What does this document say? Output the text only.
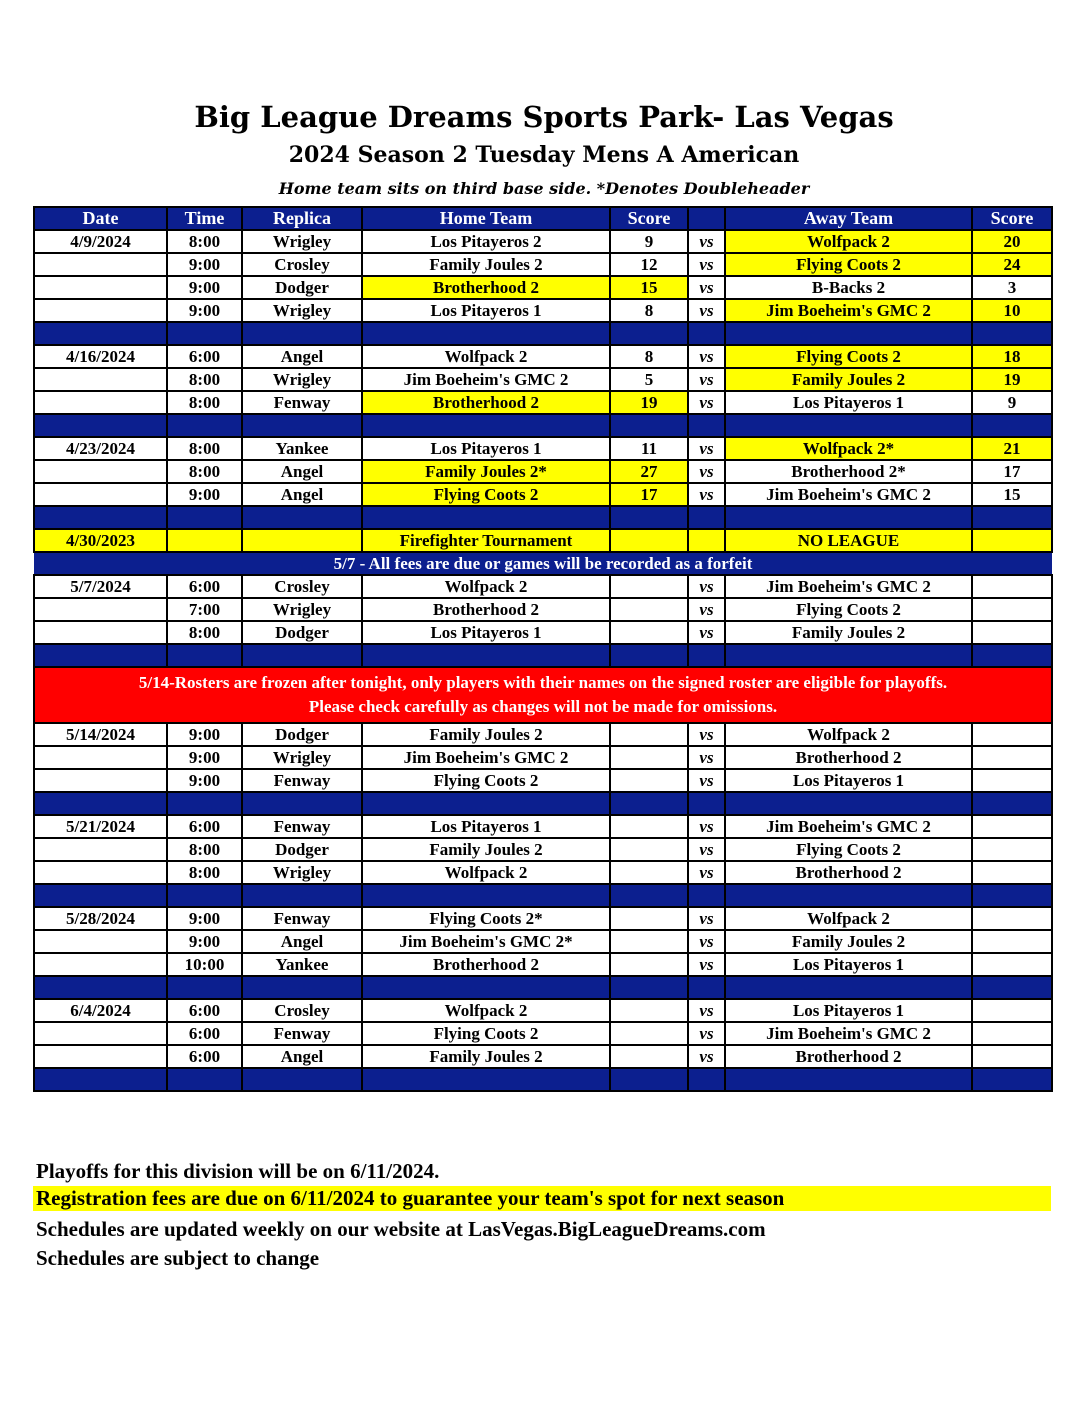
Big League Dreams Sports Park- Las Vegas
2024 Season 2 Tuesday Mens A American
Home team sits on third base side. *Denotes Doubleheader
Date	Time	Replica	Home Team	Score		Away Team	Score
4/9/2024	8:00	Wrigley	Los Pitayeros 2	9	vs	Wolfpack 2	20
	9:00	Crosley	Family Joules 2	12	vs	Flying Coots 2	24
	9:00	Dodger	Brotherhood 2	15	vs	B-Backs 2	3
	9:00	Wrigley	Los Pitayeros 1	8	vs	Jim Boeheim's GMC 2	10

4/16/2024	6:00	Angel	Wolfpack 2	8	vs	Flying Coots 2	18
	8:00	Wrigley	Jim Boeheim's GMC 2	5	vs	Family Joules 2	19
	8:00	Fenway	Brotherhood 2	19	vs	Los Pitayeros 1	9

4/23/2024	8:00	Yankee	Los Pitayeros 1	11	vs	Wolfpack 2*	21
	8:00	Angel	Family Joules 2*	27	vs	Brotherhood 2*	17
	9:00	Angel	Flying Coots 2	17	vs	Jim Boeheim's GMC 2	15

4/30/2023			Firefighter Tournament			NO LEAGUE	
5/7 - All fees are due or games will be recorded as a forfeit							
5/7/2024	6:00	Crosley	Wolfpack 2		vs	Jim Boeheim's GMC 2	
	7:00	Wrigley	Brotherhood 2		vs	Flying Coots 2	
	8:00	Dodger	Los Pitayeros 1		vs	Family Joules 2	

5/14-Rosters are frozen after tonight, only players with their names on the signed roster are eligible for playoffs.
Please check carefully as changes will not be made for omissions.							

5/14/2024	9:00	Dodger	Family Joules 2		vs	Wolfpack 2	
	9:00	Wrigley	Jim Boeheim's GMC 2		vs	Brotherhood 2	
	9:00	Fenway	Flying Coots 2		vs	Los Pitayeros 1	

5/21/2024	6:00	Fenway	Los Pitayeros 1		vs	Jim Boeheim's GMC 2	
	8:00	Dodger	Family Joules 2		vs	Flying Coots 2	
	8:00	Wrigley	Wolfpack 2		vs	Brotherhood 2	

5/28/2024	9:00	Fenway	Flying Coots 2*		vs	Wolfpack 2	
	9:00	Angel	Jim Boeheim's GMC 2*		vs	Family Joules 2	
	10:00	Yankee	Brotherhood 2		vs	Los Pitayeros 1	

6/4/2024	6:00	Crosley	Wolfpack 2		vs	Los Pitayeros 1	
	6:00	Fenway	Flying Coots 2		vs	Jim Boeheim's GMC 2	
	6:00	Angel	Family Joules 2		vs	Brotherhood 2	

Playoffs for this division will be on 6/11/2024.
Registration fees are due on 6/11/2024 to guarantee your team's spot for next season
Schedules are updated weekly on our website at LasVegas.BigLeagueDreams.com
Schedules are subject to change
